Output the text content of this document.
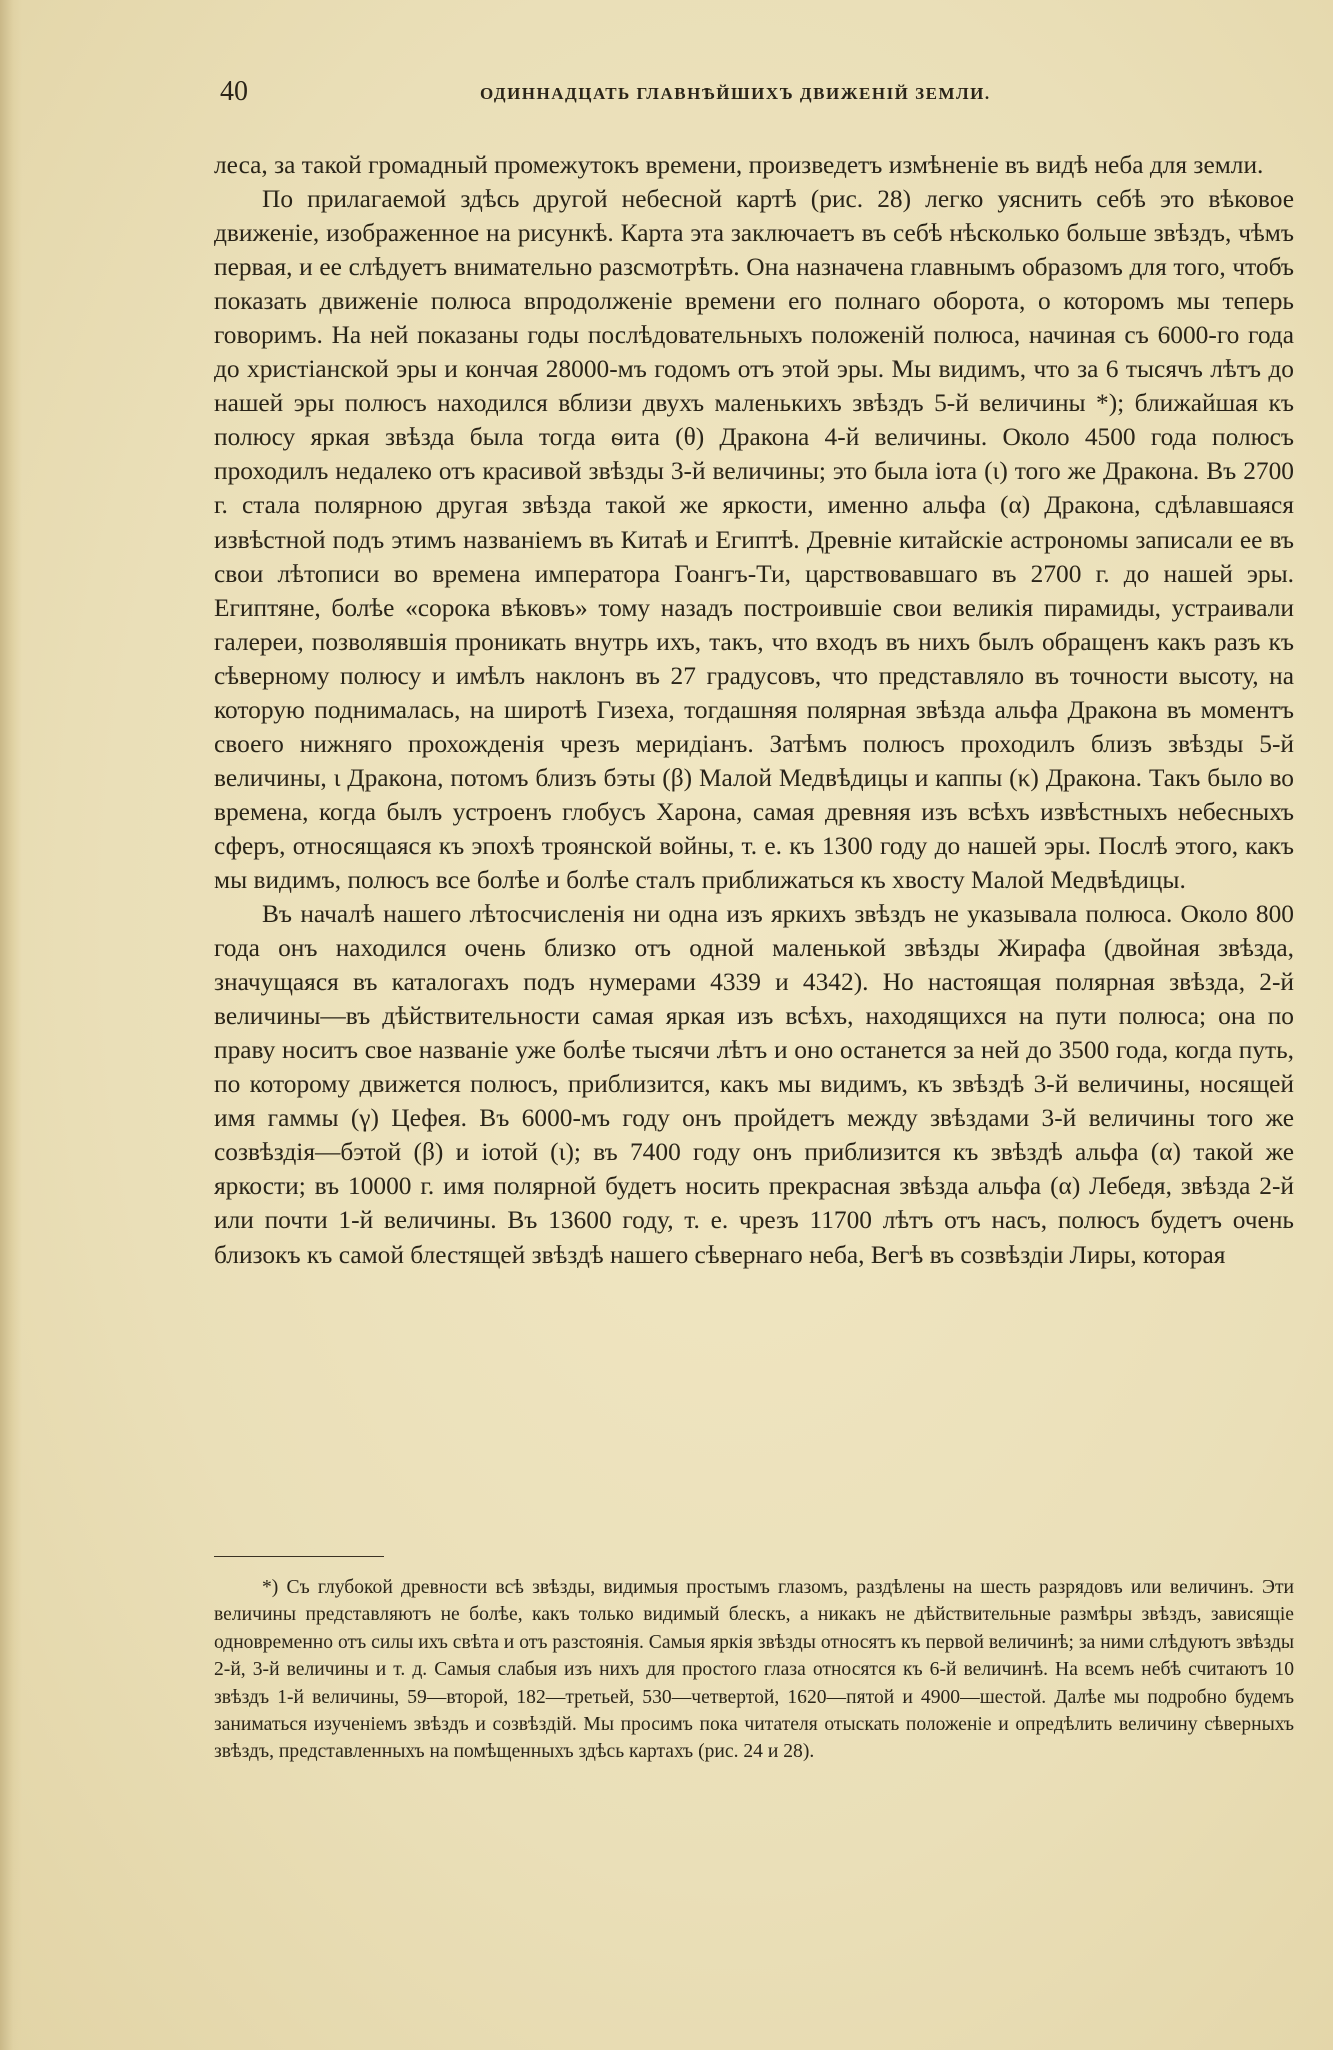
40	ОДИННАДЦАТЬ ГЛАВНѢЙШИХЪ ДВИЖЕНІЙ ЗЕМЛИ.

леса, за такой громадный промежутокъ времени, произведетъ измѣненіе въ видѣ неба для земли.

По прилагаемой здѣсь другой небесной картѣ (рис. 28) легко уяснить себѣ это вѣковое движеніе, изображенное на рисункѣ. Карта эта заключаетъ въ себѣ нѣсколько больше звѣздъ, чѣмъ первая, и ее слѣдуетъ внимательно разсмотрѣть. Она назначена главнымъ образомъ для того, чтобъ показать движеніе полюса впродолженіе времени его полнаго оборота, о которомъ мы теперь говоримъ. На ней показаны годы послѣдовательныхъ положеній полюса, начиная съ 6000-го года до христіанской эры и кончая 28000-мъ годомъ отъ этой эры. Мы видимъ, что за 6 тысячъ лѣтъ до нашей эры полюсъ находился вблизи двухъ маленькихъ звѣздъ 5-й величины *); ближайшая къ полюсу яркая звѣзда была тогда ѳита (θ) Дракона 4-й величины. Около 4500 года полюсъ проходилъ недалеко отъ красивой звѣзды 3-й величины; это была іота (ι) того же Дракона. Въ 2700 г. стала полярною другая звѣзда такой же яркости, именно альфа (α) Дракона, сдѣлавшаяся извѣстной подъ этимъ названіемъ въ Китаѣ и Египтѣ. Древніе китайскіе астрономы записали ее въ свои лѣтописи во времена императора Гоангъ-Ти, царствовавшаго въ 2700 г. до нашей эры. Египтяне, болѣе «сорока вѣковъ» тому назадъ построившіе свои великія пирамиды, устраивали галереи, позволявшія проникать внутрь ихъ, такъ, что входъ въ нихъ былъ обращенъ какъ разъ къ сѣверному полюсу и имѣлъ наклонъ въ 27 градусовъ, что представляло въ точности высоту, на которую поднималась, на широтѣ Гизеха, тогдашняя полярная звѣзда альфа Дракона въ моментъ своего нижняго прохожденія чрезъ меридіанъ. Затѣмъ полюсъ проходилъ близъ звѣзды 5-й величины, ι Дракона, потомъ близъ бэты (β) Малой Медвѣдицы и каппы (κ) Дракона. Такъ было во времена, когда былъ устроенъ глобусъ Харона, самая древняя изъ всѣхъ извѣстныхъ небесныхъ сферъ, относящаяся къ эпохѣ троянской войны, т. е. къ 1300 году до нашей эры. Послѣ этого, какъ мы видимъ, полюсъ все болѣе и болѣе сталъ приближаться къ хвосту Малой Медвѣдицы.

Въ началѣ нашего лѣтосчисленія ни одна изъ яркихъ звѣздъ не указывала полюса. Около 800 года онъ находился очень близко отъ одной маленькой звѣзды Жирафа (двойная звѣзда, значущаяся въ каталогахъ подъ нумерами 4339 и 4342). Но настоящая полярная звѣзда, 2-й величины—въ дѣйствительности самая яркая изъ всѣхъ, находящихся на пути полюса; она по праву носитъ свое названіе уже болѣе тысячи лѣтъ и оно останется за ней до 3500 года, когда путь, по которому движется полюсъ, приблизится, какъ мы видимъ, къ звѣздѣ 3-й величины, носящей имя гаммы (γ) Цефея. Въ 6000-мъ году онъ пройдетъ между звѣздами 3-й величины того же созвѣздія—бэтой (β) и іотой (ι); въ 7400 году онъ приблизится къ звѣздѣ альфа (α) такой же яркости; въ 10000 г. имя полярной будетъ носить прекрасная звѣзда альфа (α) Лебедя, звѣзда 2-й или почти 1-й величины. Въ 13600 году, т. е. чрезъ 11700 лѣтъ отъ насъ, полюсъ будетъ очень близокъ къ самой блестящей звѣздѣ нашего сѣвернаго неба, Вегѣ въ созвѣздіи Лиры, которая

*) Съ глубокой древности всѣ звѣзды, видимыя простымъ глазомъ, раздѣлены на шесть разрядовъ или величинъ. Эти величины представляютъ не болѣе, какъ только видимый блескъ, а никакъ не дѣйствительные размѣры звѣздъ, зависящіе одновременно отъ силы ихъ свѣта и отъ разстоянія. Самыя яркія звѣзды относятъ къ первой величинѣ; за ними слѣдуютъ звѣзды 2-й, 3-й величины и т. д. Самыя слабыя изъ нихъ для простого глаза относятся къ 6-й величинѣ. На всемъ небѣ считаютъ 10 звѣздъ 1-й величины, 59—второй, 182—третьей, 530—четвертой, 1620—пятой и 4900—шестой. Далѣе мы подробно будемъ заниматься изученіемъ звѣздъ и созвѣздій. Мы просимъ пока читателя отыскать положеніе и опредѣлить величину сѣверныхъ звѣздъ, представленныхъ на помѣщенныхъ здѣсь картахъ (рис. 24 и 28).
